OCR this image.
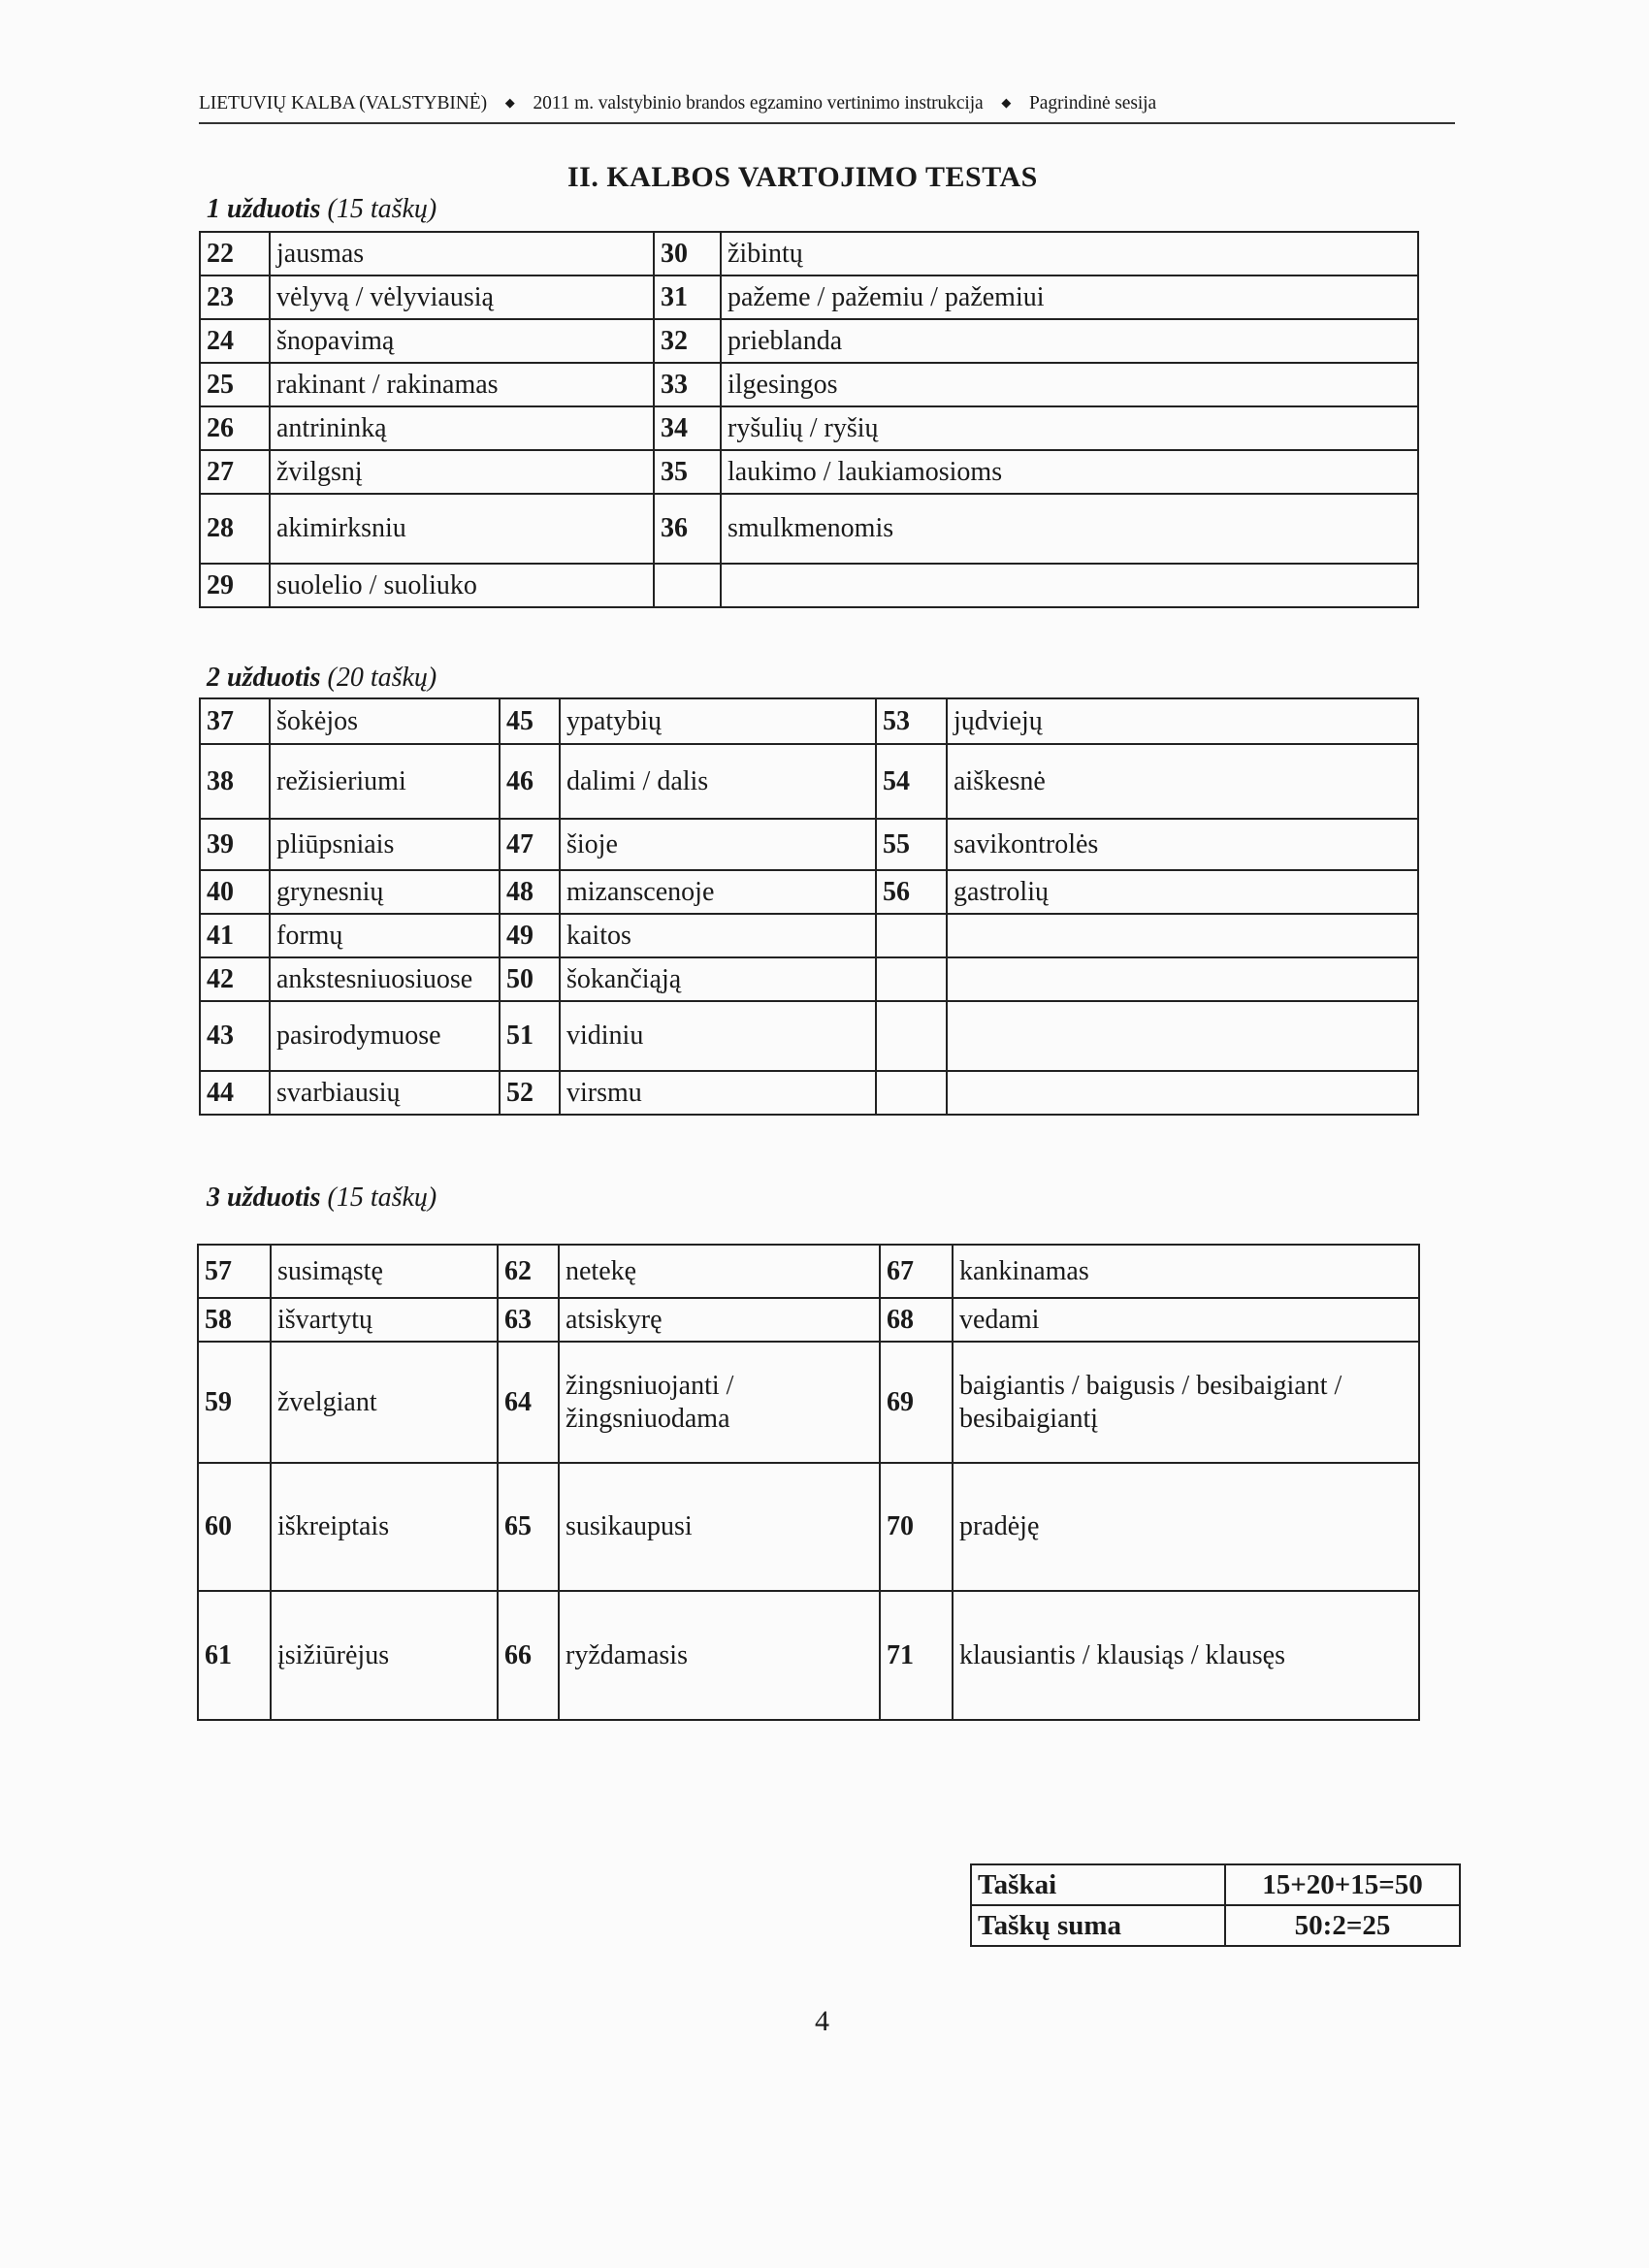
LIETUVIŲ KALBA (VALSTYBINĖ) ◆ 2011 m. valstybinio brandos egzamino vertinimo instrukcija ◆ Pagrindinė sesija
II. KALBOS VARTOJIMO TESTAS
1 užduotis (15 taškų)
22	jausmas	30	žibintų
23	vėlyvą / vėlyviausią	31	pažeme / pažemiu / pažemiui
24	šnopavimą	32	prieblanda
25	rakinant / rakinamas	33	ilgesingos
26	antrininką	34	ryšulių / ryšių
27	žvilgsnį	35	laukimo / laukiamosioms
28	akimirksniu	36	smulkmenomis
29	suolelio / suoliuko		
2 užduotis (20 taškų)
37	šokėjos	45	ypatybių	53	jųdviejų
38	režisieriumi	46	dalimi / dalis	54	aiškesnė
39	pliūpsniais	47	šioje	55	savikontrolės
40	grynesnių	48	mizanscenoje	56	gastrolių
41	formų	49	kaitos		
42	ankstesniuosiuose	50	šokančiąją		
43	pasirodymuose	51	vidiniu		
44	svarbiausių	52	virsmu		
3 užduotis (15 taškų)
57	susimąstę	62	netekę	67	kankinamas
58	išvartytų	63	atsiskyrę	68	vedami
59	žvelgiant	64	žingsniuojanti / žingsniuodama	69	baigiantis / baigusis / besibaigiant / besibaigiantį
60	iškreiptais	65	susikaupusi	70	pradėję
61	įsižiūrėjus	66	ryždamasis	71	klausiantis / klausiąs / klausęs
Taškai	15+20+15=50
Taškų suma	50:2=25
4
